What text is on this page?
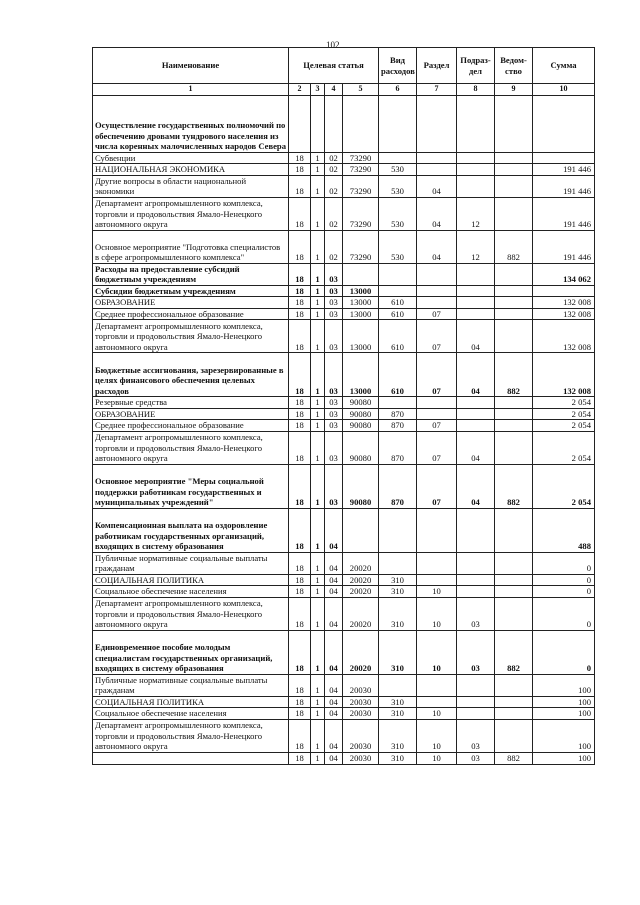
102
Наименование	Целевая статья				Вид расходов	Раздел	Подраз-дел	Ведом-ство	Сумма
1	2	3	4	5	6	7	8	9	10
Осуществление государственных полномочий по обеспечению дровами тундрового населения из числа коренных малочисленных народов Севера									
Субвенции	18	1	02	73290					
НАЦИОНАЛЬНАЯ ЭКОНОМИКА	18	1	02	73290	530				191 446
Другие вопросы в области национальной экономики	18	1	02	73290	530	04			191 446
Департамент агропромышленного комплекса, торговли и продовольствия Ямало-Ненецкого автономного округа	18	1	02	73290	530	04	12		191 446
Основное мероприятие "Подготовка специалистов в сфере агропромышленного комплекса"	18	1	02	73290	530	04	12	882	191 446
Расходы на предоставление субсидий бюджетным учреждениям	18	1	03						134 062
Субсидии бюджетным учреждениям	18	1	03	13000					
ОБРАЗОВАНИЕ	18	1	03	13000	610				132 008
Среднее профессиональное образование	18	1	03	13000	610	07			132 008
Департамент агропромышленного комплекса, торговли и продовольствия Ямало-Ненецкого автономного округа	18	1	03	13000	610	07	04		132 008
Бюджетные ассигнования, зарезервированные в целях финансового обеспечения целевых расходов	18	1	03	13000	610	07	04	882	132 008
Резервные средства	18	1	03	90080					2 054
ОБРАЗОВАНИЕ	18	1	03	90080	870				2 054
Среднее профессиональное образование	18	1	03	90080	870	07			2 054
Департамент агропромышленного комплекса, торговли и продовольствия Ямало-Ненецкого автономного округа	18	1	03	90080	870	07	04		2 054
Основное мероприятие "Меры социальной поддержки работникам государственных и муниципальных учреждений"	18	1	03	90080	870	07	04	882	2 054
Компенсационная выплата на оздоровление работникам государственных организаций, входящих в систему образования	18	1	04						488
Публичные нормативные социальные выплаты гражданам	18	1	04	20020					0
СОЦИАЛЬНАЯ ПОЛИТИКА	18	1	04	20020	310				0
Социальное обеспечение населения	18	1	04	20020	310	10			0
Департамент агропромышленного комплекса, торговли и продовольствия Ямало-Ненецкого автономного округа	18	1	04	20020	310	10	03		0
Единовременное пособие молодым специалистам государственных организаций, входящих в систему образования	18	1	04	20020	310	10	03	882	0
Публичные нормативные социальные выплаты гражданам	18	1	04	20030					100
СОЦИАЛЬНАЯ ПОЛИТИКА	18	1	04	20030	310				100
Социальное обеспечение населения	18	1	04	20030	310	10			100
Департамент агропромышленного комплекса, торговли и продовольствия Ямало-Ненецкого автономного округа	18	1	04	20030	310	10	03		100
	18	1	04	20030	310	10	03	882	100
